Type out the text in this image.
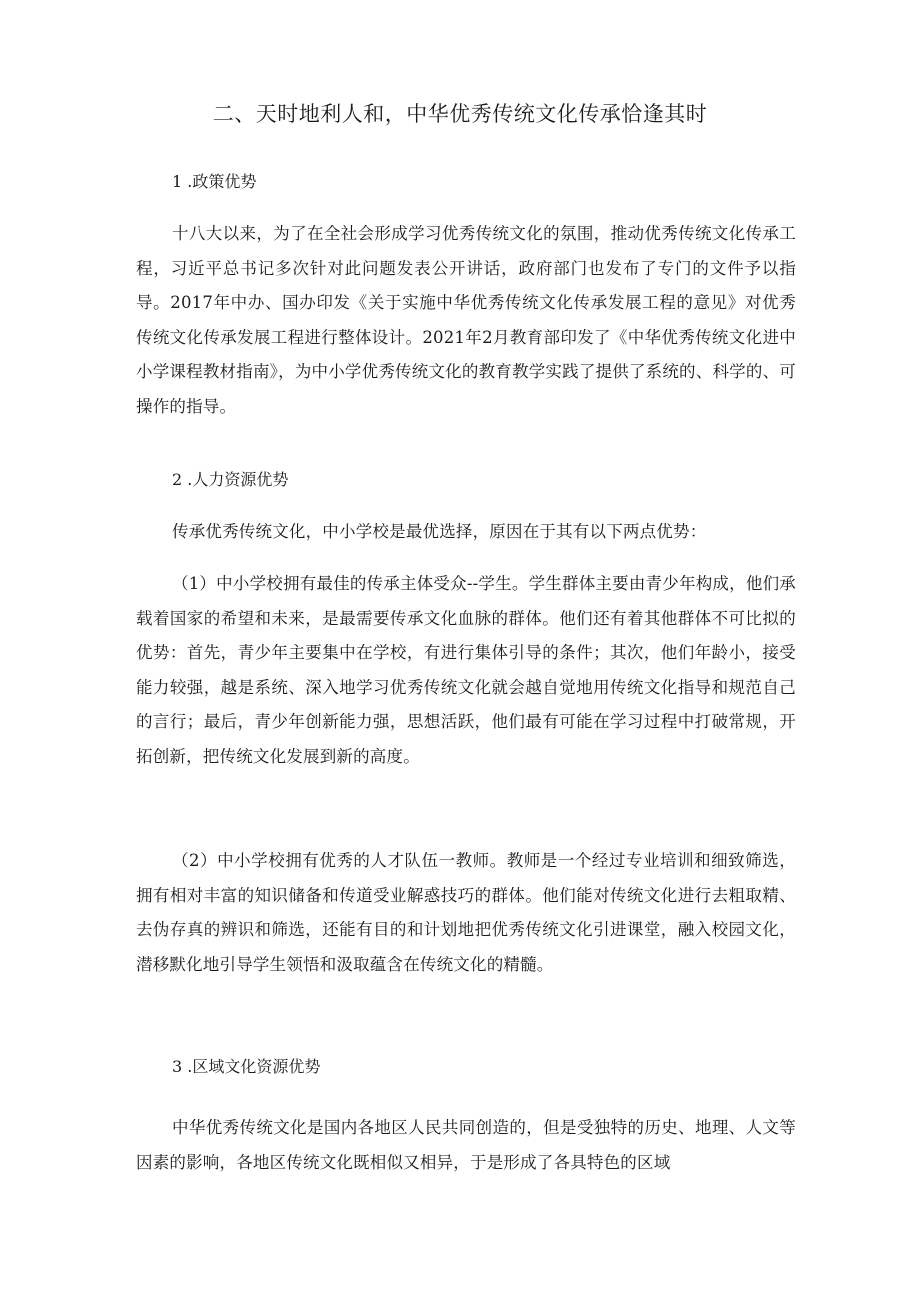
二、天时地利人和，中华优秀传统文化传承恰逢其时
1 .政策优势

十八大以来，为了在全社会形成学习优秀传统文化的氛围，推动优秀传统文化传承工程，习近平总书记多次针对此问题发表公开讲话，政府部门也发布了专门的文件予以指导。2017年中办、国办印发《关于实施中华优秀传统文化传承发展工程的意见》对优秀传统文化传承发展工程进行整体设计。2021年2月教育部印发了《中华优秀传统文化进中小学课程教材指南》，为中小学优秀传统文化的教育教学实践了提供了系统的、科学的、可操作的指导。

2 .人力资源优势

传承优秀传统文化，中小学校是最优选择，原因在于其有以下两点优势：

（1）中小学校拥有最佳的传承主体受众--学生。学生群体主要由青少年构成，他们承载着国家的希望和未来，是最需要传承文化血脉的群体。他们还有着其他群体不可比拟的优势：首先，青少年主要集中在学校，有进行集体引导的条件；其次，他们年龄小，接受能力较强，越是系统、深入地学习优秀传统文化就会越自觉地用传统文化指导和规范自己的言行；最后，青少年创新能力强，思想活跃，他们最有可能在学习过程中打破常规，开拓创新，把传统文化发展到新的高度。

（2）中小学校拥有优秀的人才队伍一教师。教师是一个经过专业培训和细致筛选，拥有相对丰富的知识储备和传道受业解惑技巧的群体。他们能对传统文化进行去粗取精、去伪存真的辨识和筛选，还能有目的和计划地把优秀传统文化引进课堂，融入校园文化，潜移默化地引导学生领悟和汲取蕴含在传统文化的精髓。

3 .区域文化资源优势

中华优秀传统文化是国内各地区人民共同创造的，但是受独特的历史、地理、人文等因素的影响，各地区传统文化既相似又相异，于是形成了各具特色的区域
